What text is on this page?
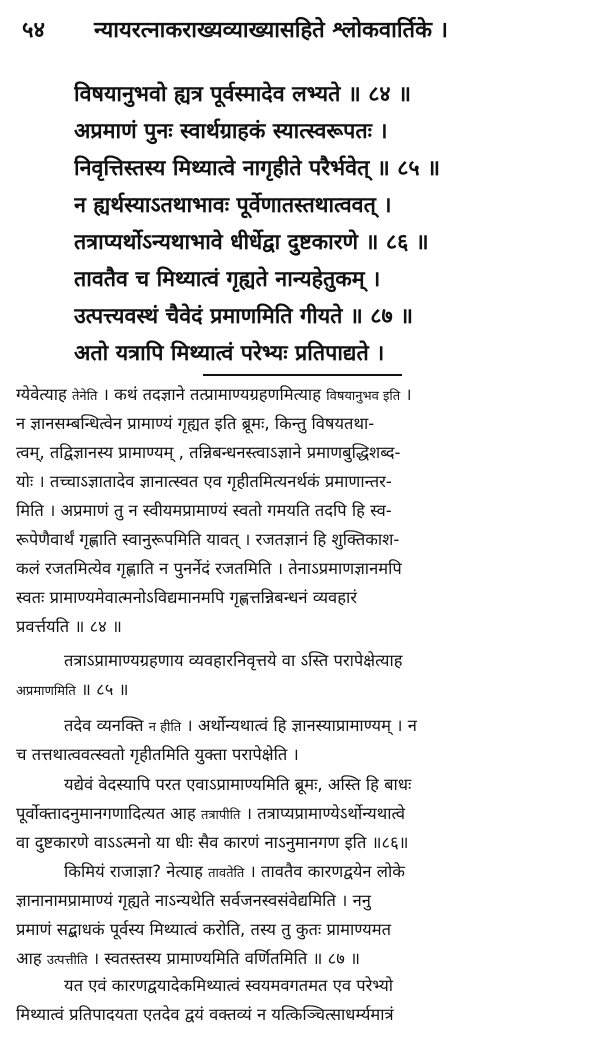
५४ न्यायरत्नाकराख्यव्याख्यासहिते श्लोकवार्तिके ।
विषयानुभवो ह्यत्र पूर्वस्मादेव लभ्यते ॥ ८४ ॥
अप्रमाणं पुनः स्वार्थग्राहकं स्यात्स्वरूपतः ।
निवृत्तिस्तस्य मिथ्यात्वे नागृहीते परैर्भवेत् ॥ ८५ ॥
न ह्यर्थस्याऽतथाभावः पूर्वेणातस्तथात्ववत् ।
तत्राप्यर्थोऽन्यथाभावे धीर्धेद्वा दुष्टकारणे ॥ ८६ ॥
तावतैव च मिथ्यात्वं गृह्यते नान्यहेतुकम् ।
उत्पत्त्यवस्थं चैवेदं प्रमाणमिति गीयते ॥ ८७ ॥
अतो यत्रापि मिथ्यात्वं परेभ्यः प्रतिपाद्यते ।
ग्येवेत्याह तेनेति । कथं तदज्ञाने तत्प्रामाण्यग्रहणमित्याह विषयानुभव इति ।
न ज्ञानसम्बन्धित्वेन प्रामाण्यं गृह्यत इति ब्रूमः, किन्तु विषयतथा-
त्वम्, तद्विज्ञानस्य प्रामाण्यम् , तन्निबन्धनस्त्वाऽज्ञाने प्रमाणबुद्धिशब्द-
योः । तच्चाऽज्ञातादेव ज्ञानात्स्वत एव गृहीतमित्यनर्थकं प्रमाणान्तर-
मिति । अप्रमाणं तु न स्वीयमप्रामाण्यं स्वतो गमयति तदपि हि स्व-
रूपेणैवार्थं गृह्णाति स्वानुरूपमिति यावत् । रजतज्ञानं हि शुक्तिकाश-
कलं रजतमित्येव गृह्णाति न पुनर्नेदं रजतमिति । तेनाऽप्रमाणज्ञानमपि
स्वतः प्रामाण्यमेवात्मनोऽविद्यमानमपि गृह्णत्तन्निबन्धनं व्यवहारं
प्रवर्त्तयति ॥ ८४ ॥
तत्राऽप्रामाण्यग्रहणाय व्यवहारनिवृत्तये वा ऽस्ति परापेक्षेत्याह
अप्रमाणमिति ॥ ८५ ॥
तदेव व्यनक्ति न हीति । अर्थोन्यथात्वं हि ज्ञानस्याप्रामाण्यम् । न
च तत्तथात्ववत्स्वतो गृहीतमिति युक्ता परापेक्षेति ।
यद्येवं वेदस्यापि परत एवाऽप्रामाण्यमिति ब्रूमः, अस्ति हि बाधः
पूर्वोक्तादनुमानगणादित्यत आह तत्रापीति । तत्राप्यप्रामाण्येऽर्थोन्यथात्वे
वा दुष्टकारणे वाऽऽत्मनो या धीः सैव कारणं नाऽनुमानगण इति ॥८६॥
किमियं राजाज्ञा? नेत्याह तावतेति । तावतैव कारणद्वयेन लोके
ज्ञानानामप्रामाण्यं गृह्यते नाऽन्यथेति सर्वजनस्वसंवेद्यमिति । ननु
प्रमाणं सद्बाधकं पूर्वस्य मिथ्यात्वं करोति, तस्य तु कुतः प्रामाण्यमत
आह उत्पत्तीति । स्वतस्तस्य प्रामाण्यमिति वर्णितमिति ॥ ८७ ॥
यत एवं कारणद्वयादेकमिथ्यात्वं स्वयमवगतमत एव परेभ्यो
मिथ्यात्वं प्रतिपादयता एतदेव द्वयं वक्तव्यं न यत्किञ्चित्साधर्म्यमात्रं
